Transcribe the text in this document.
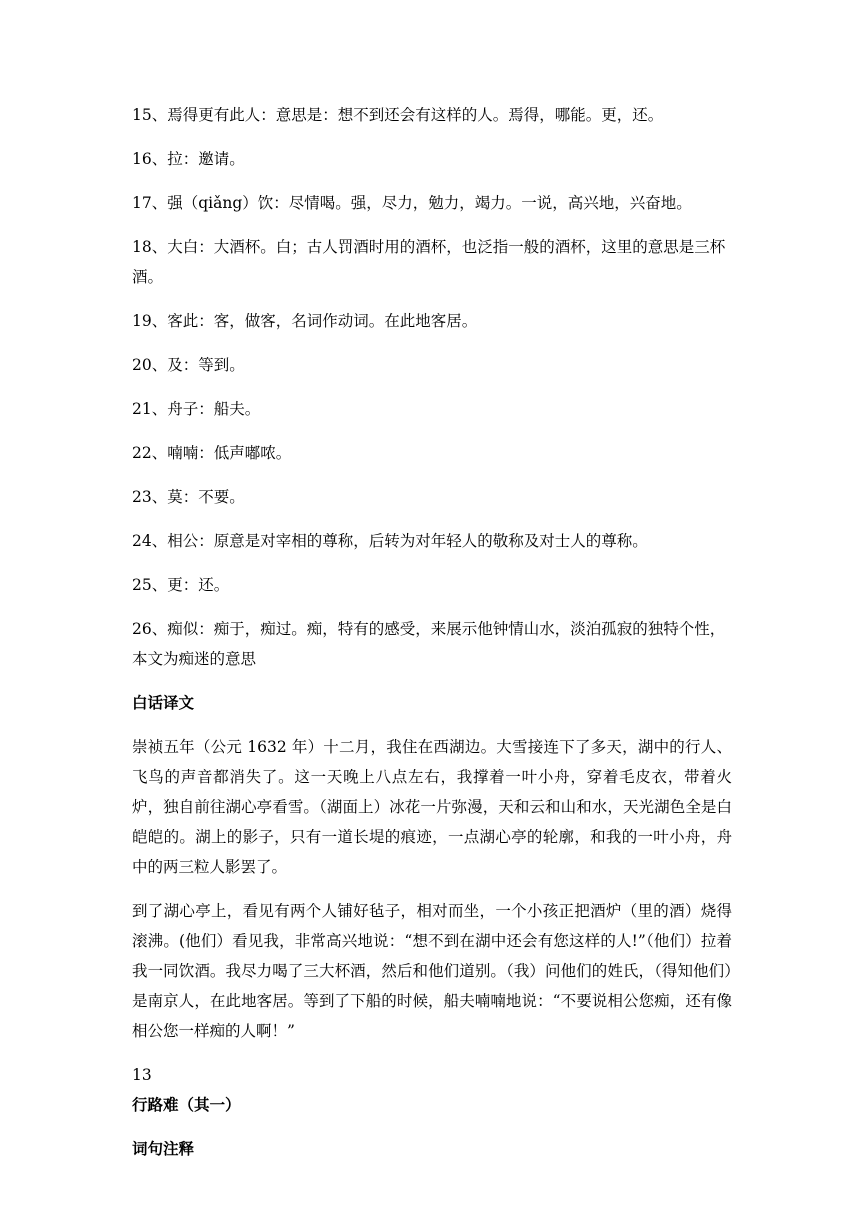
15、焉得更有此人：意思是：想不到还会有这样的人。焉得，哪能。更，还。

16、拉：邀请。

17、强（qiǎng）饮：尽情喝。强，尽力，勉力，竭力。一说，高兴地，兴奋地。

18、大白：大酒杯。白；古人罚酒时用的酒杯，也泛指一般的酒杯，这里的意思是三杯酒。

19、客此：客，做客，名词作动词。在此地客居。

20、及：等到。

21、舟子：船夫。

22、喃喃：低声嘟哝。

23、莫：不要。

24、相公：原意是对宰相的尊称，后转为对年轻人的敬称及对士人的尊称。

25、更：还。

26、痴似：痴于，痴过。痴，特有的感受，来展示他钟情山水，淡泊孤寂的独特个性，本文为痴迷的意思

白话译文

崇祯五年（公元 1632 年）十二月，我住在西湖边。大雪接连下了多天，湖中的行人、飞鸟的声音都消失了。这一天晚上八点左右，我撑着一叶小舟，穿着毛皮衣，带着火炉，独自前往湖心亭看雪。（湖面上）冰花一片弥漫，天和云和山和水，天光湖色全是白皑皑的。湖上的影子，只有一道长堤的痕迹，一点湖心亭的轮廓，和我的一叶小舟，舟中的两三粒人影罢了。

到了湖心亭上，看见有两个人铺好毡子，相对而坐，一个小孩正把酒炉（里的酒）烧得滚沸。(他们）看见我，非常高兴地说：“想不到在湖中还会有您这样的人!”（他们）拉着我一同饮酒。我尽力喝了三大杯酒，然后和他们道别。（我）问他们的姓氏，（得知他们）是南京人，在此地客居。等到了下船的时候，船夫喃喃地说：“不要说相公您痴，还有像相公您一样痴的人啊！”

13

行路难（其一）

词句注释
